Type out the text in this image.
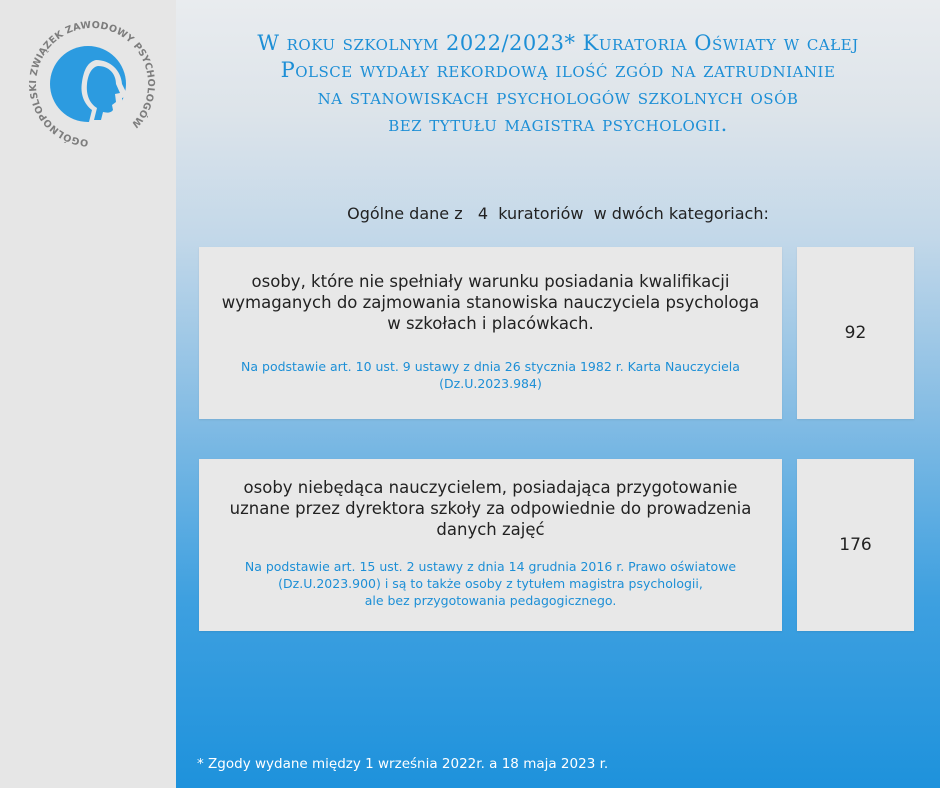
OGÓLNOPOLSKI ZWIĄZEK ZAWODOWY PSYCHOLOGÓW
W roku szkolnym 2022/2023* Kuratoria Oświaty w całej
Polsce wydały rekordową ilość zgód na zatrudnianie
na stanowiskach psychologów szkolnych osób
bez tytułu magistra psychologii.
Ogólne dane z   4  kuratoriów  w dwóch kategoriach:
osoby, które nie spełniały warunku posiadania kwalifikacji
wymaganych do zajmowania stanowiska nauczyciela psychologa
w szkołach i placówkach.
Na podstawie art. 10 ust. 9 ustawy z dnia 26 stycznia 1982 r. Karta Nauczyciela
(Dz.U.2023.984)
92
osoby niebędąca nauczycielem, posiadająca przygotowanie
uznane przez dyrektora szkoły za odpowiednie do prowadzenia
danych zajęć
Na podstawie art. 15 ust. 2 ustawy z dnia 14 grudnia 2016 r. Prawo oświatowe
(Dz.U.2023.900) i są to także osoby z tytułem magistra psychologii,
ale bez przygotowania pedagogicznego.
176
* Zgody wydane między 1 września 2022r. a 18 maja 2023 r.
